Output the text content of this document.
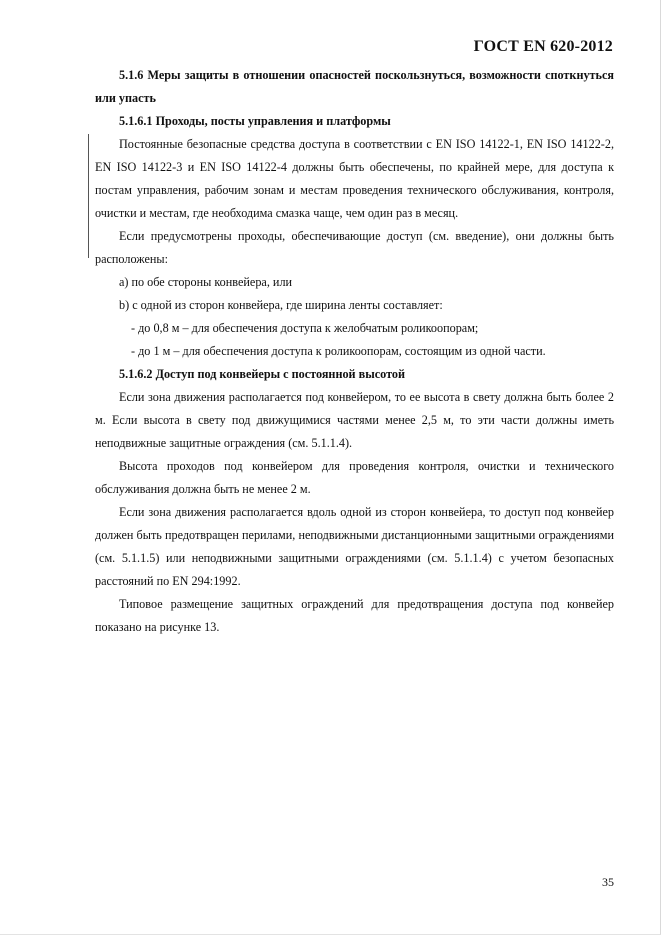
ГОСТ EN 620-2012

5.1.6 Меры защиты в отношении опасностей поскользнуться, возможности споткнуться или упасть

5.1.6.1 Проходы, посты управления и платформы

Постоянные безопасные средства доступа в соответствии с EN ISO 14122-1, EN ISO 14122-2, EN ISO 14122-3 и EN ISO 14122-4 должны быть обеспечены, по крайней мере, для доступа к постам управления, рабочим зонам и местам проведения технического обслуживания, контроля, очистки и местам, где необходима смазка чаще, чем один раз в месяц.

Если предусмотрены проходы, обеспечивающие доступ (см. введение), они должны быть расположены:

a) по обе стороны конвейера, или

b) с одной из сторон конвейера, где ширина ленты составляет:

- до 0,8 м – для обеспечения доступа к желобчатым роликоопорам;

- до 1 м – для обеспечения доступа к роликоопорам, состоящим из одной части.

5.1.6.2 Доступ под конвейеры с постоянной высотой

Если зона движения располагается под конвейером, то ее высота в свету должна быть более 2 м. Если высота в свету под движущимися частями менее 2,5 м, то эти части должны иметь неподвижные защитные ограждения (см. 5.1.1.4).

Высота проходов под конвейером для проведения контроля, очистки и технического обслуживания должна быть не менее 2 м.

Если зона движения располагается вдоль одной из сторон конвейера, то доступ под конвейер должен быть предотвращен перилами, неподвижными дистанционными защитными ограждениями (см. 5.1.1.5) или неподвижными защитными ограждениями (см. 5.1.1.4) с учетом безопасных расстояний по EN 294:1992.

Типовое размещение защитных ограждений для предотвращения доступа под конвейер показано на рисунке 13.

35
